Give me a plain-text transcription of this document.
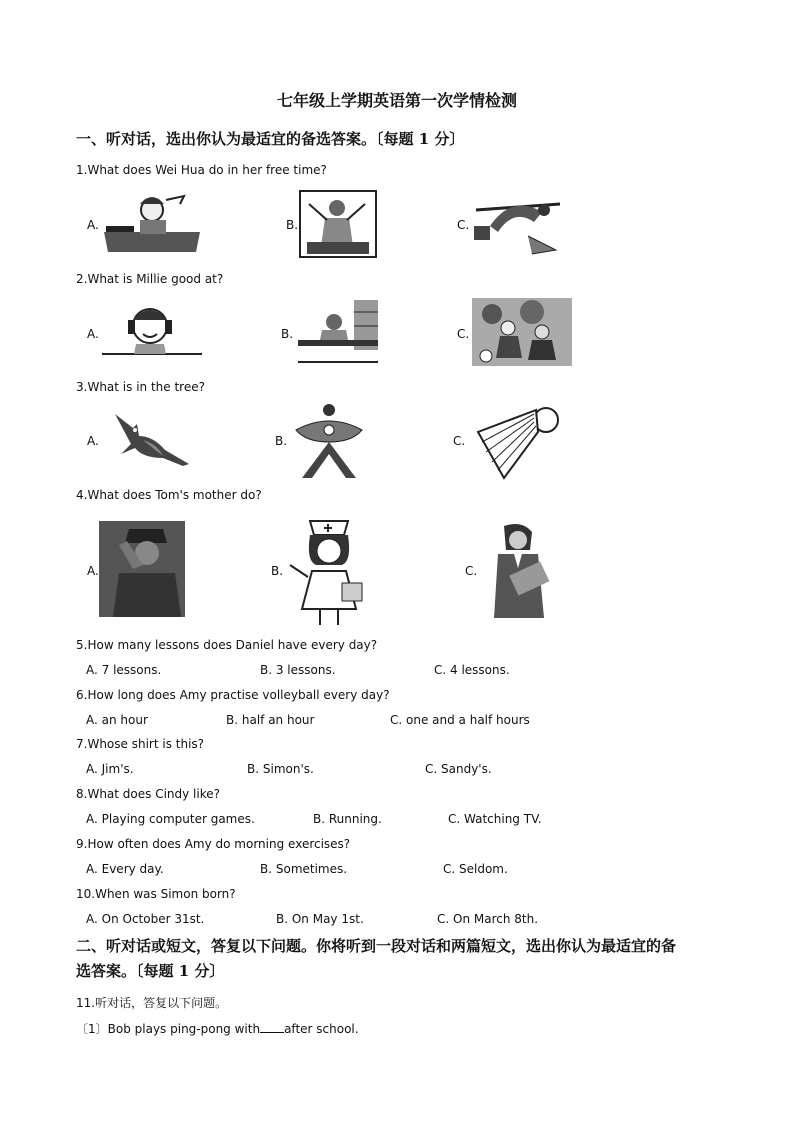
七年级上学期英语第一次学情检测
一、听对话，选出你认为最适宜的备选答案。〔每题 1 分〕
1.What does Wei Hua do in her free time?
A.	B.	C.
2.What is Millie good at?
A.	B.	C.
3.What is in the tree?
A.	B.	C.
4.What does Tom's mother do?
A.	B.	C.
5.How many lessons does Daniel have every day?
A. 7 lessons.	B. 3 lessons.	C. 4 lessons.
6.How long does Amy practise volleyball every day?
A. an hour	B. half an hour	C. one and a half hours
7.Whose shirt is this?
A. Jim's.	B. Simon's.	C. Sandy's.
8.What does Cindy like?
A. Playing computer games.	B. Running.	C. Watching TV.
9.How often does Amy do morning exercises?
A. Every day.	B. Sometimes.	C. Seldom.
10.When was Simon born?
A. On October 31st.	B. On May 1st.	C. On March 8th.
二、听对话或短文，答复以下问题。你将听到一段对话和两篇短文，选出你认为最适宜的备
选答案。〔每题 1 分〕
11.听对话，答复以下问题。
〔1〕Bob plays ping-pong with after school.
